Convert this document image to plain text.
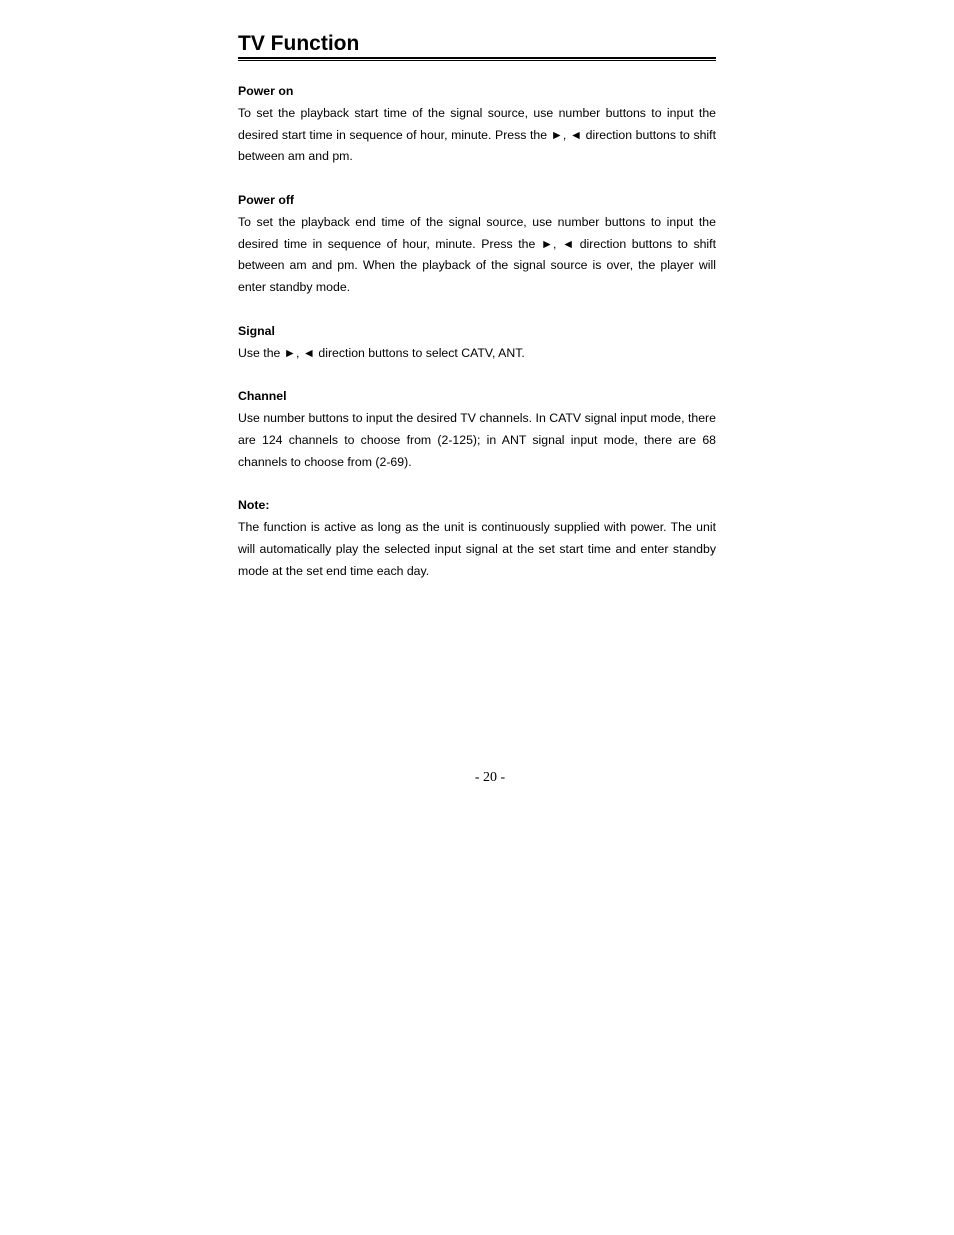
TV Function

Power on

To set the playback start time of the signal source, use number buttons to input the desired start time in sequence of hour, minute. Press the ►, ◄ direction buttons to shift between am and pm.

Power off

To set the playback end time of the signal source, use number buttons to input the desired time in sequence of hour, minute. Press the ►, ◄ direction buttons to shift between am and pm. When the playback of the signal source is over, the player will enter standby mode.

Signal

Use the ►, ◄ direction buttons to select CATV, ANT.

Channel

Use number buttons to input the desired TV channels. In CATV signal input mode, there are 124 channels to choose from (2-125); in ANT signal input mode, there are 68 channels to choose from (2-69).

Note:

The function is active as long as the unit is continuously supplied with power. The unit will automatically play the selected input signal at the set start time and enter standby mode at the set end time each day.

- 20 -
